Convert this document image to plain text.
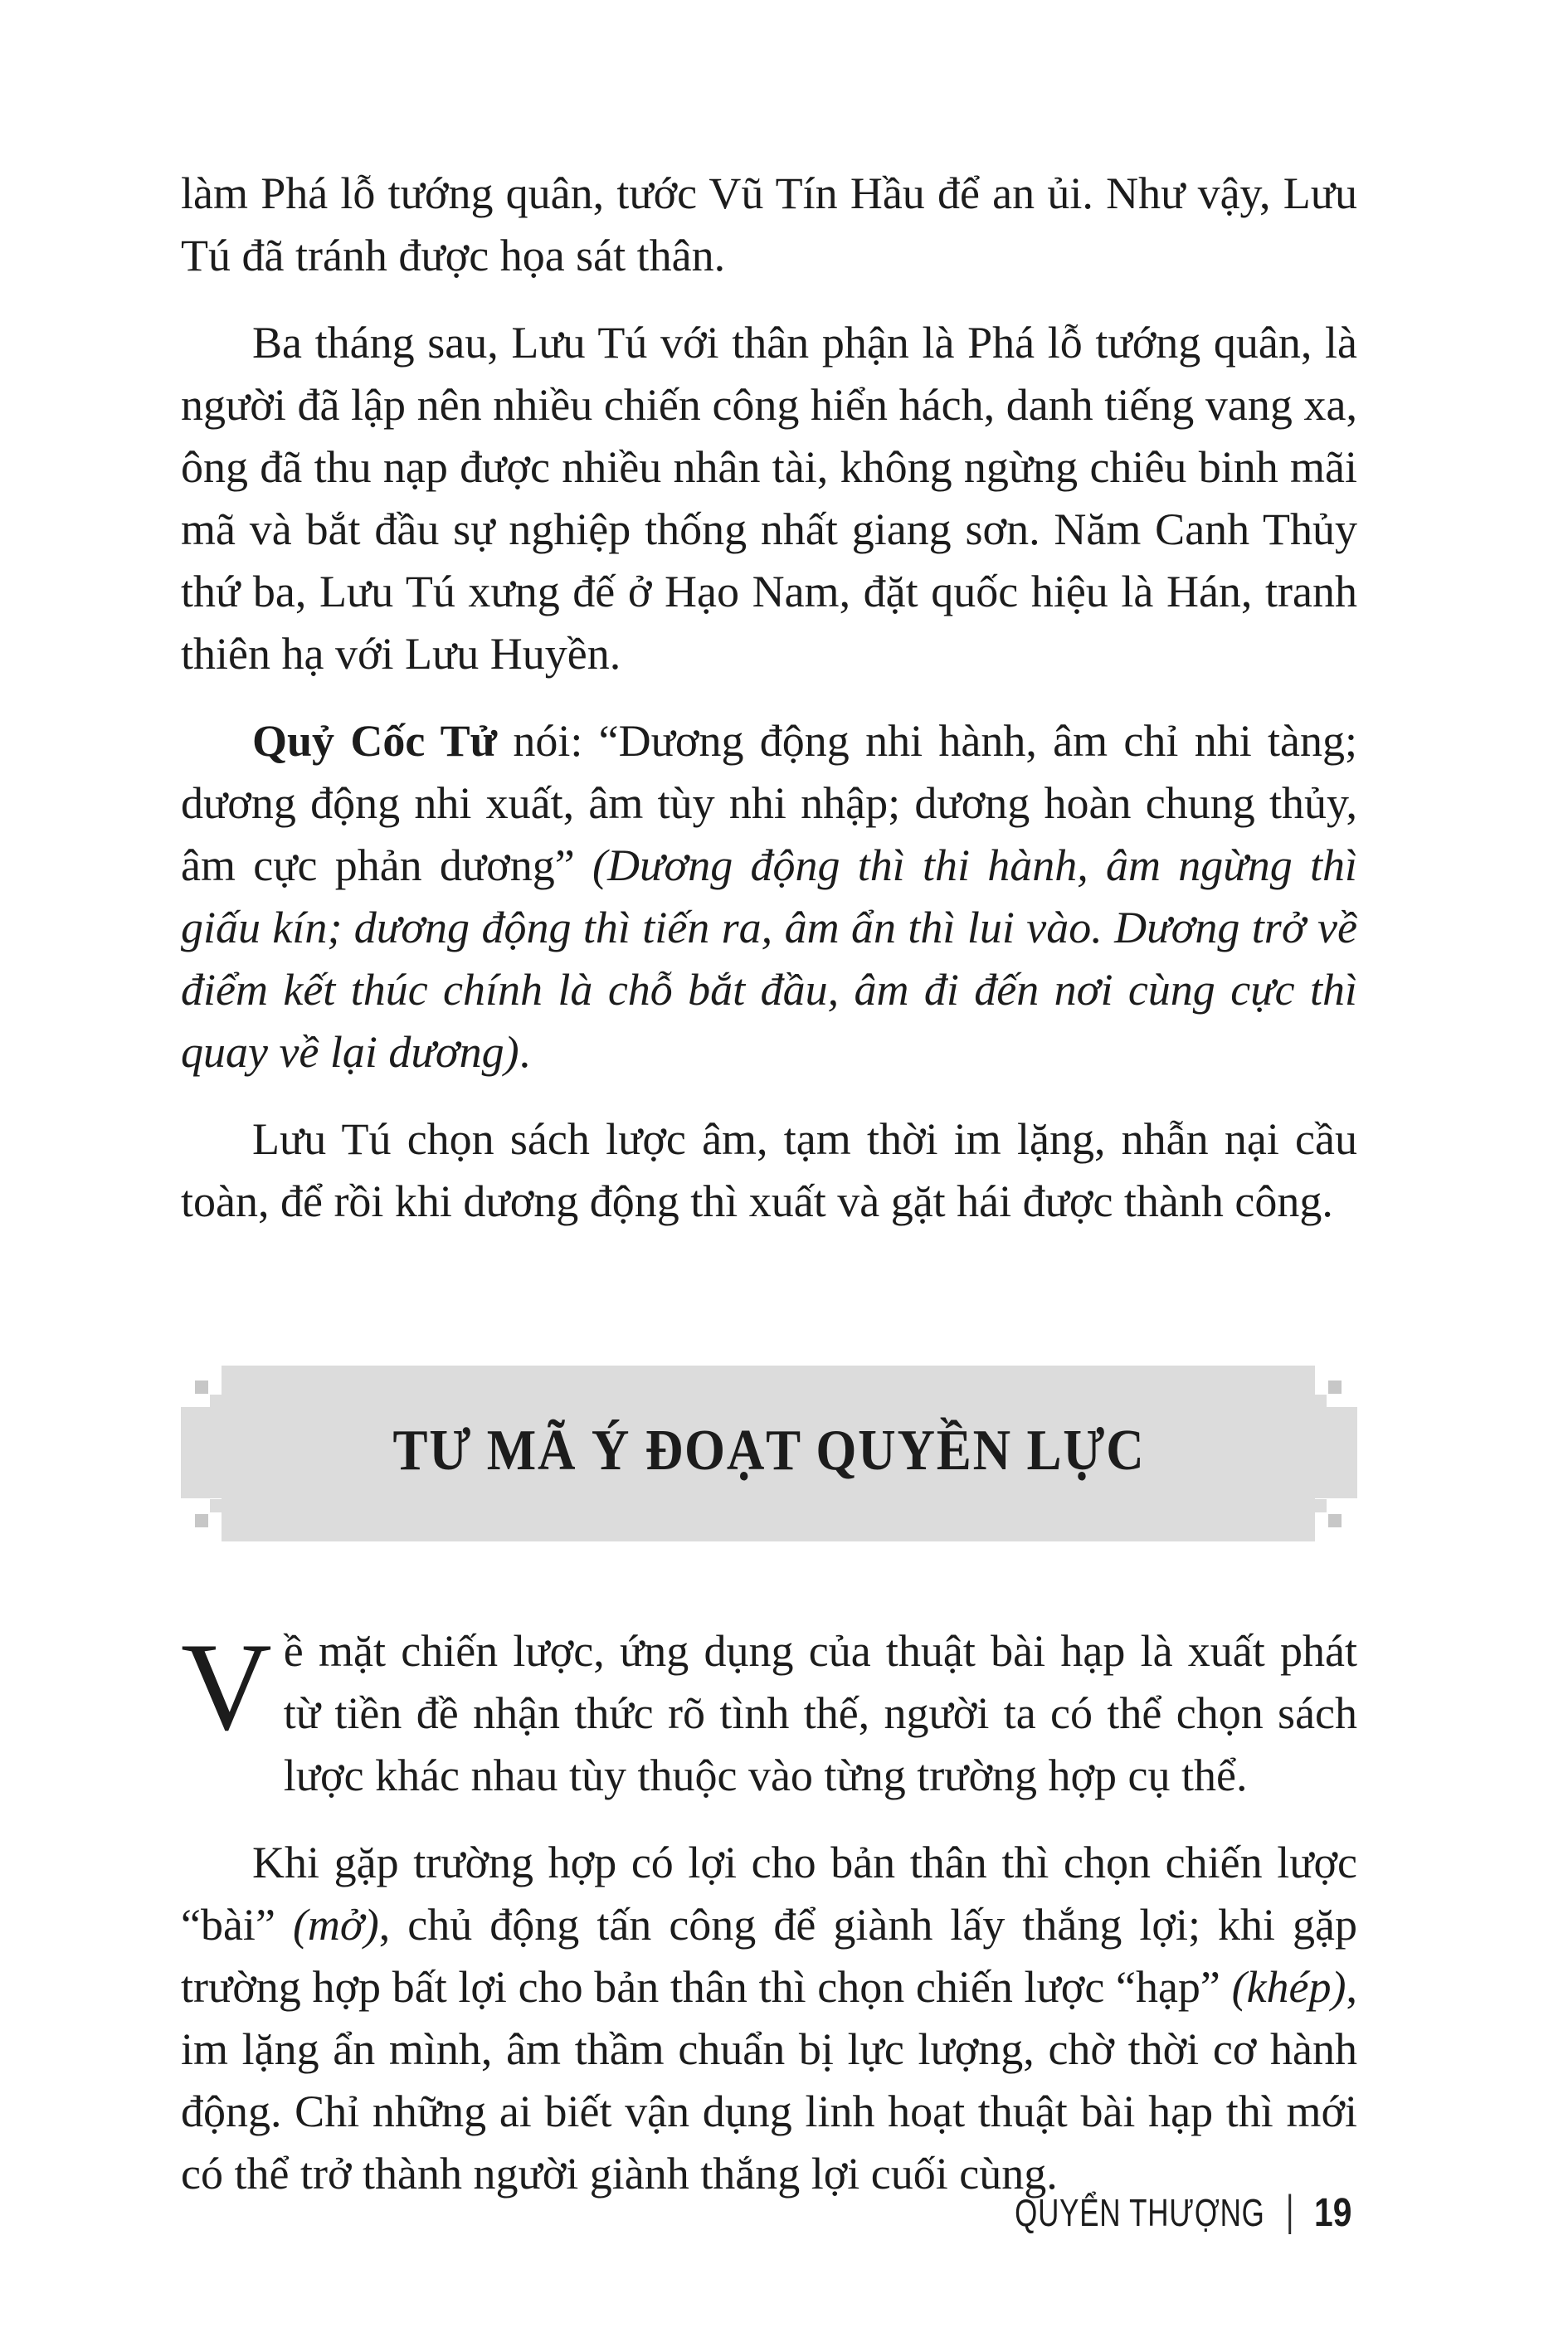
làm Phá lỗ tướng quân, tước Vũ Tín Hầu để an ủi. Như vậy, Lưu Tú đã tránh được họa sát thân.

Ba tháng sau, Lưu Tú với thân phận là Phá lỗ tướng quân, là người đã lập nên nhiều chiến công hiển hách, danh tiếng vang xa, ông đã thu nạp được nhiều nhân tài, không ngừng chiêu binh mãi mã và bắt đầu sự nghiệp thống nhất giang sơn. Năm Canh Thủy thứ ba, Lưu Tú xưng đế ở Hạo Nam, đặt quốc hiệu là Hán, tranh thiên hạ với Lưu Huyền.

Quỷ Cốc Tử nói: “Dương động nhi hành, âm chỉ nhi tàng; dương động nhi xuất, âm tùy nhi nhập; dương hoàn chung thủy, âm cực phản dương” (Dương động thì thi hành, âm ngừng thì giấu kín; dương động thì tiến ra, âm ẩn thì lui vào. Dương trở về điểm kết thúc chính là chỗ bắt đầu, âm đi đến nơi cùng cực thì quay về lại dương).

Lưu Tú chọn sách lược âm, tạm thời im lặng, nhẫn nại cầu toàn, để rồi khi dương động thì xuất và gặt hái được thành công.

TƯ MÃ Ý ĐOẠT QUYỀN LỰC

Về mặt chiến lược, ứng dụng của thuật bài hạp là xuất phát từ tiền đề nhận thức rõ tình thế, người ta có thể chọn sách lược khác nhau tùy thuộc vào từng trường hợp cụ thể.

Khi gặp trường hợp có lợi cho bản thân thì chọn chiến lược “bài” (mở), chủ động tấn công để giành lấy thắng lợi; khi gặp trường hợp bất lợi cho bản thân thì chọn chiến lược “hạp” (khép), im lặng ẩn mình, âm thầm chuẩn bị lực lượng, chờ thời cơ hành động. Chỉ những ai biết vận dụng linh hoạt thuật bài hạp thì mới có thể trở thành người giành thắng lợi cuối cùng.

QUYỂN THƯỢNG | 19
